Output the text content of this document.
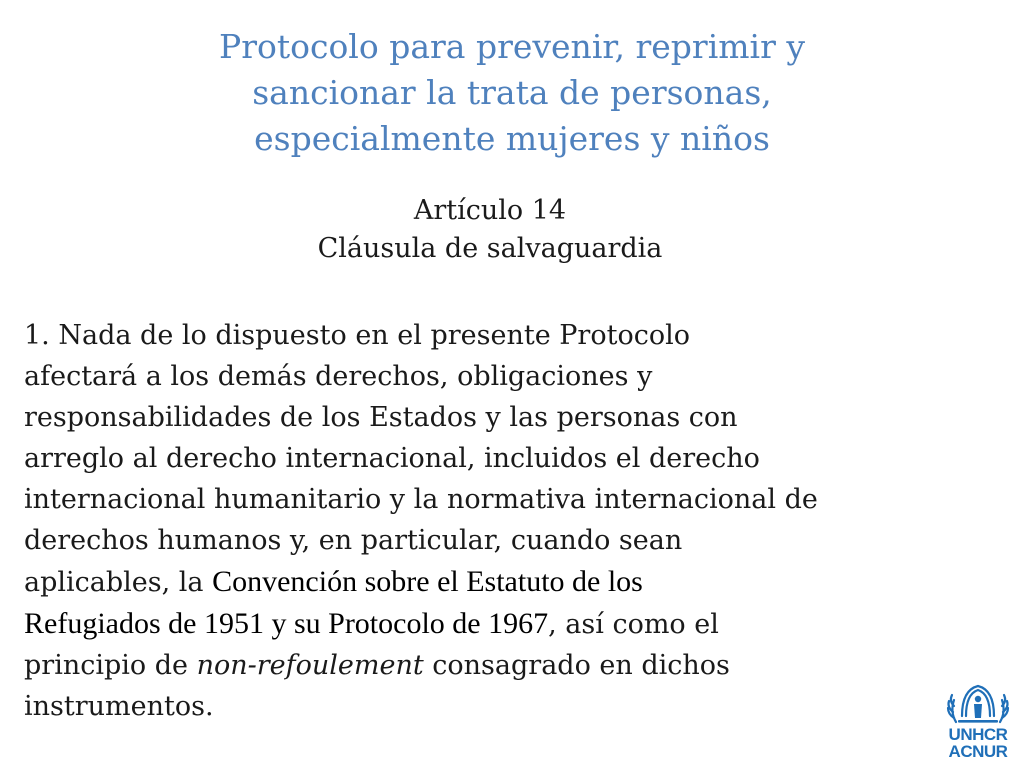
Protocolo para prevenir, reprimir y
sancionar la trata de personas,
especialmente mujeres y niños
Artículo 14
Cláusula de salvaguardia
1. Nada de lo dispuesto en el presente Protocolo
afectará a los demás derechos, obligaciones y
responsabilidades de los Estados y las personas con
arreglo al derecho internacional, incluidos el derecho
internacional humanitario y la normativa internacional de
derechos humanos y, en particular, cuando sean
aplicables, la Convención sobre el Estatuto de los
Refugiados de 1951 y su Protocolo de 1967, así como el
principio de non-refoulement consagrado en dichos
instrumentos.
UNHCR
ACNUR
